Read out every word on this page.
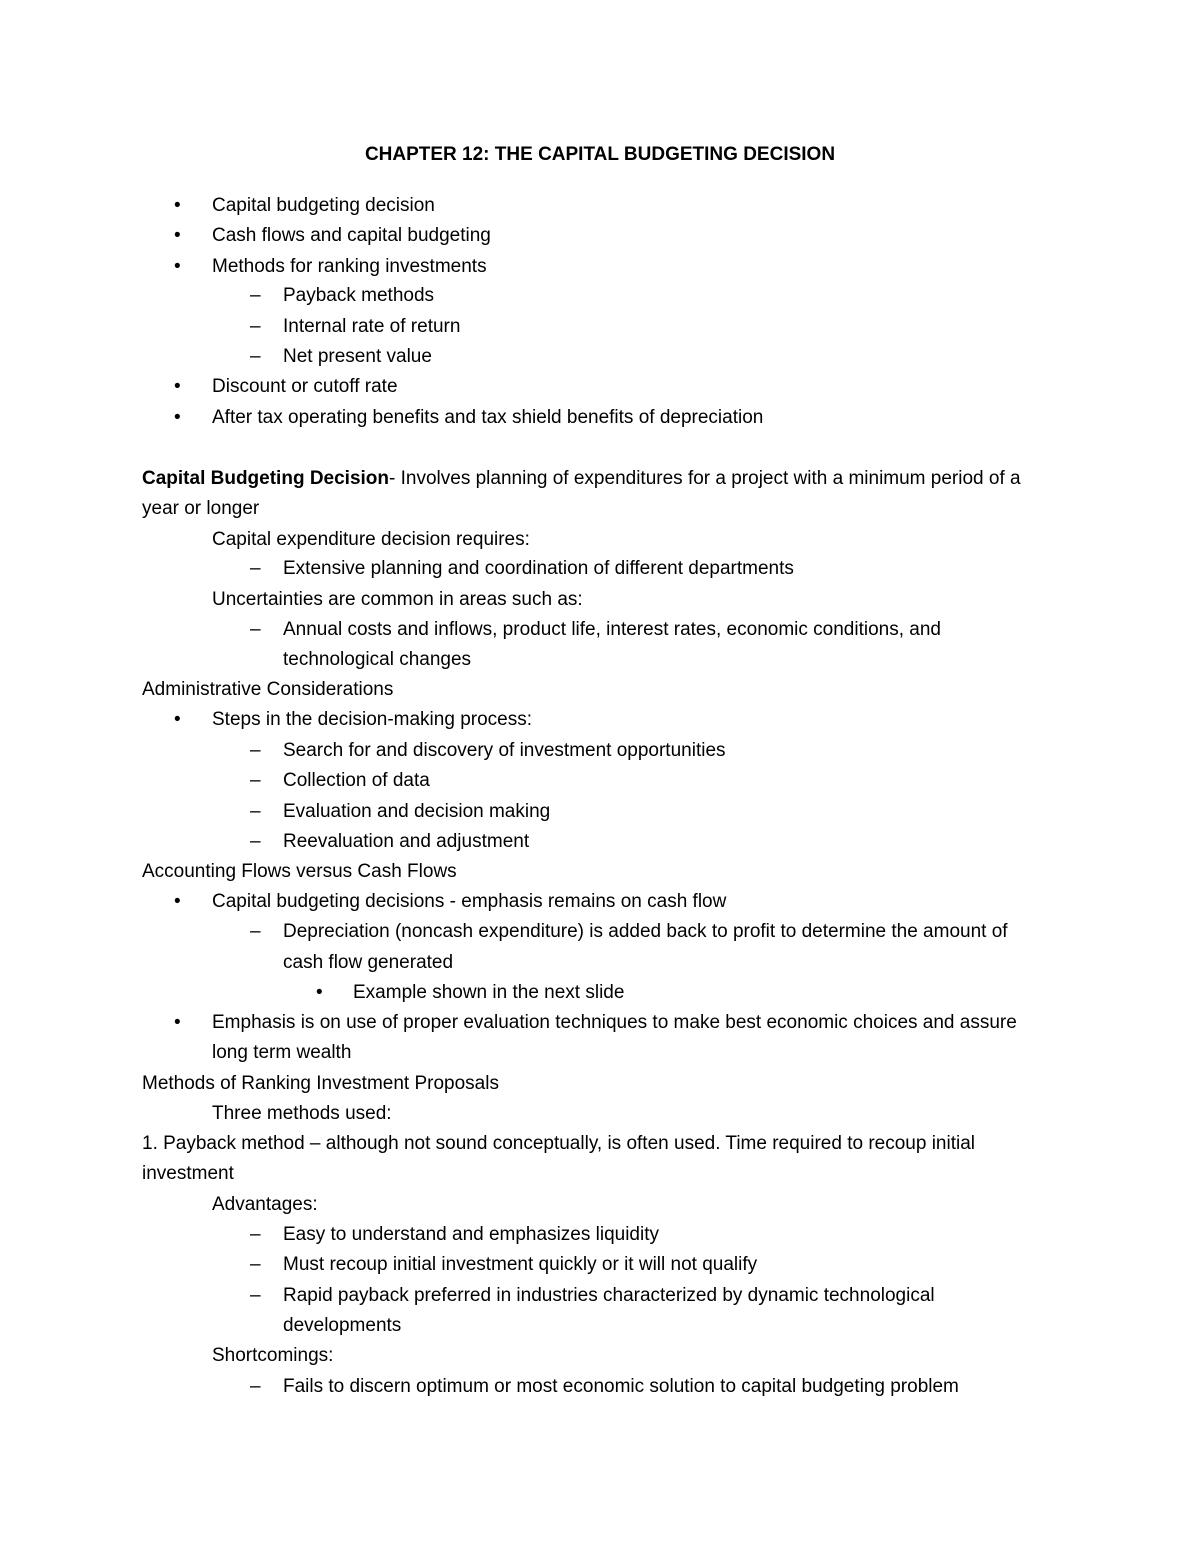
CHAPTER 12: THE CAPITAL BUDGETING DECISION
• Capital budgeting decision
• Cash flows and capital budgeting
• Methods for ranking investments
– Payback methods
– Internal rate of return
– Net present value
• Discount or cutoff rate
• After tax operating benefits and tax shield benefits of depreciation
Capital Budgeting Decision- Involves planning of expenditures for a project with a minimum period of a
year or longer
Capital expenditure decision requires:
– Extensive planning and coordination of different departments
Uncertainties are common in areas such as:
– Annual costs and inflows, product life, interest rates, economic conditions, and
technological changes
Administrative Considerations
• Steps in the decision-making process:
– Search for and discovery of investment opportunities
– Collection of data
– Evaluation and decision making
– Reevaluation and adjustment
Accounting Flows versus Cash Flows
• Capital budgeting decisions - emphasis remains on cash flow
– Depreciation (noncash expenditure) is added back to profit to determine the amount of
cash flow generated
• Example shown in the next slide
• Emphasis is on use of proper evaluation techniques to make best economic choices and assure
long term wealth
Methods of Ranking Investment Proposals
Three methods used:
1. Payback method – although not sound conceptually, is often used. Time required to recoup initial
investment
Advantages:
– Easy to understand and emphasizes liquidity
– Must recoup initial investment quickly or it will not qualify
– Rapid payback preferred in industries characterized by dynamic technological
developments
Shortcomings:
– Fails to discern optimum or most economic solution to capital budgeting problem
